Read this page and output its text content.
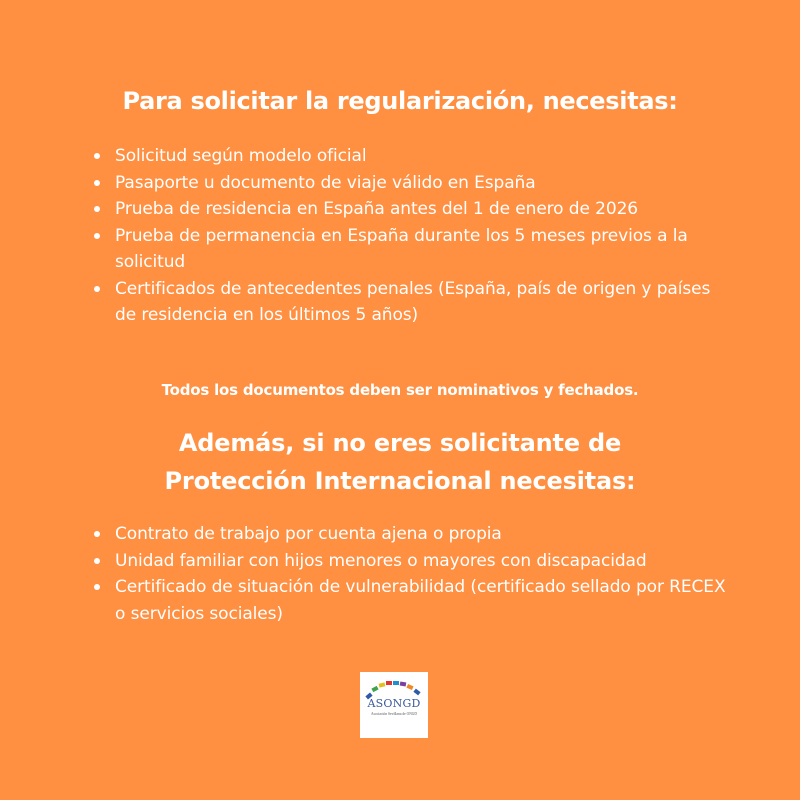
Para solicitar la regularización, necesitas:
Solicitud según modelo oficial
Pasaporte u documento de viaje válido en España
Prueba de residencia en España antes del 1 de enero de 2026
Prueba de permanencia en España durante los 5 meses previos a la solicitud
Certificados de antecedentes penales (España, país de origen y países de residencia en los últimos 5 años)

Todos los documentos deben ser nominativos y fechados.

Además, si no eres solicitante de
Protección Internacional necesitas:
Contrato de trabajo por cuenta ajena o propia
Unidad familiar con hijos menores o mayores con discapacidad
Certificado de situación de vulnerabilidad (certificado sellado por RECEX o servicios sociales)
ASONGD
Asociación Sevillana de ONGD
